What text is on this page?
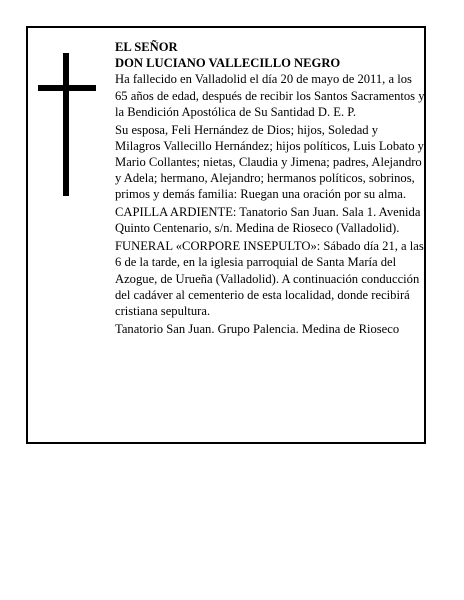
EL SEÑOR
DON LUCIANO VALLECILLO NEGRO

Ha fallecido en Valladolid el día 20 de mayo de 2011, a los 65 años de edad, después de recibir los Santos Sacramentos y la Bendición Apostólica de Su Santidad D. E. P.

Su esposa, Feli Hernández de Dios; hijos, Soledad y Milagros Vallecillo Hernández; hijos políticos, Luis Lobato y Mario Collantes; nietas, Claudia y Jimena; padres, Alejandro y Adela; hermano, Alejandro; hermanos políticos, sobrinos, primos y demás familia: Ruegan una oración por su alma.

CAPILLA ARDIENTE: Tanatorio San Juan. Sala 1. Avenida Quinto Centenario, s/n. Medina de Rioseco (Valladolid).

FUNERAL «CORPORE INSEPULTO»: Sábado día 21, a las 6 de la tarde, en la iglesia parroquial de Santa María del Azogue, de Urueña (Valladolid). A continuación conducción del cadáver al cementerio de esta localidad, donde recibirá cristiana sepultura.

Tanatorio San Juan. Grupo Palencia. Medina de Rioseco
